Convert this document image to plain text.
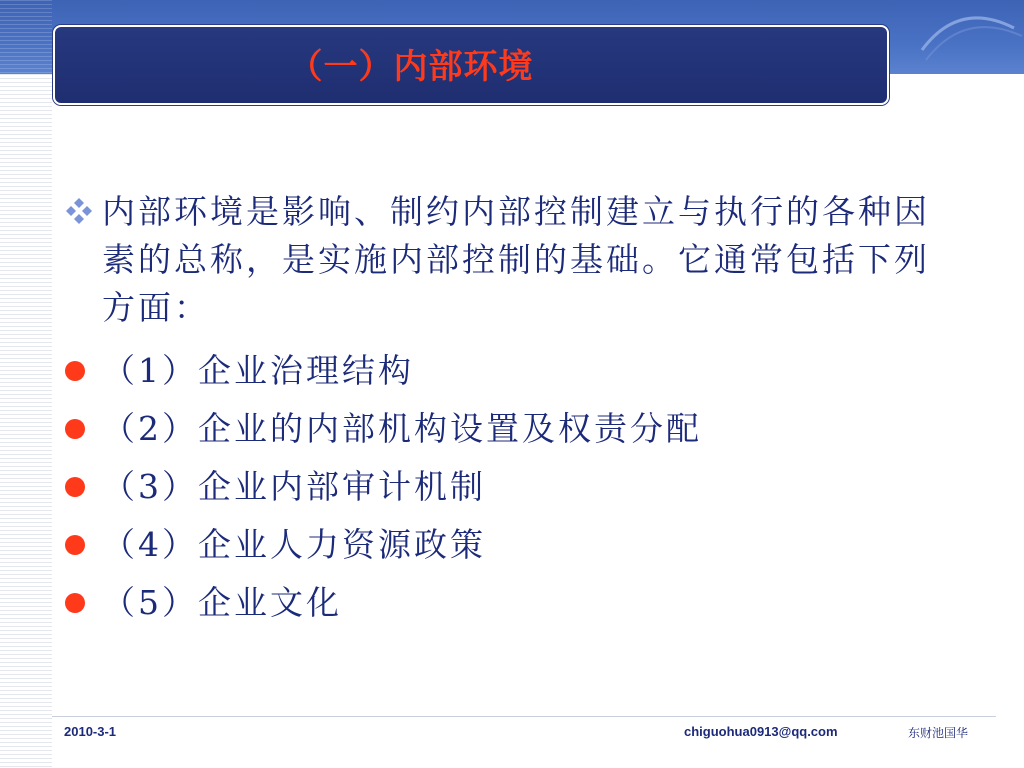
（一）内部环境
内部环境是影响、制约内部控制建立与执行的各种因素的总称，是实施内部控制的基础。它通常包括下列方面：
（1）企业治理结构
（2）企业的内部机构设置及权责分配
（3）企业内部审计机制
（4）企业人力资源政策
（5）企业文化
2010-3-1	chiguohua0913@qq.com	东财池国华
